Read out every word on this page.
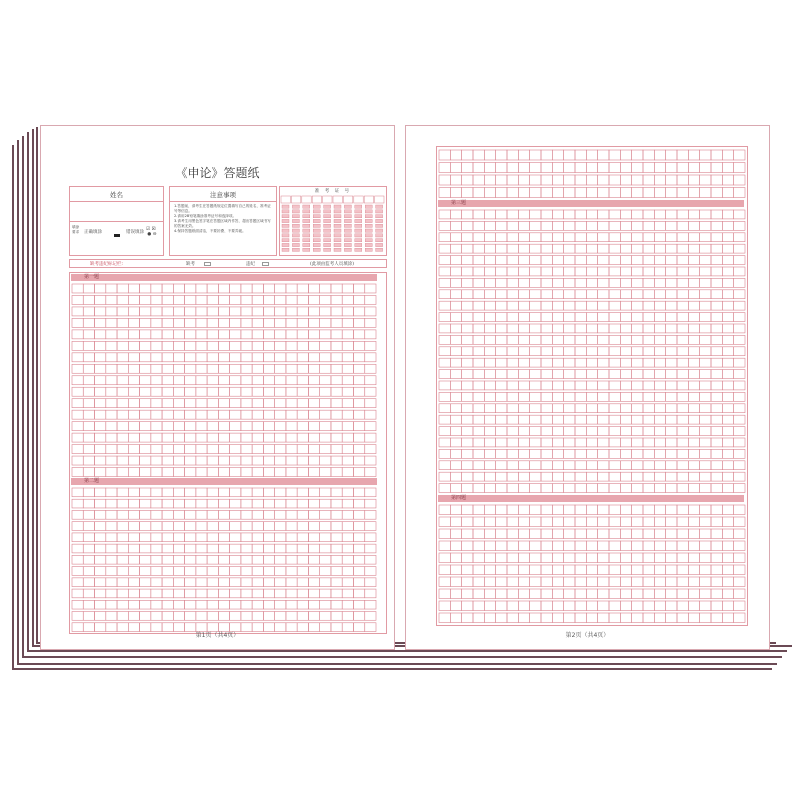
《申论》答题纸
姓名
填涂要求 正确填涂	错误填涂
☑ ☒
● ⊖
注意事项
1.答题前，请考生在答题纸规定位置填写自己的姓名，准考证号等信息。
2.请用2B铅笔填涂准考证号和选择项。
3.请考生用黑色签字笔在答题区域内作答，超出答题区域书写的答案无效。
4.保持答题纸面清洁，不要折叠、不要弄破。
准 考 证 号
缺考违纪标记栏:	缺考	违纪	(此项由监考人员填涂)
第一题
第二题
第1页（共4页）
第三题
第四题
第2页（共4页）
